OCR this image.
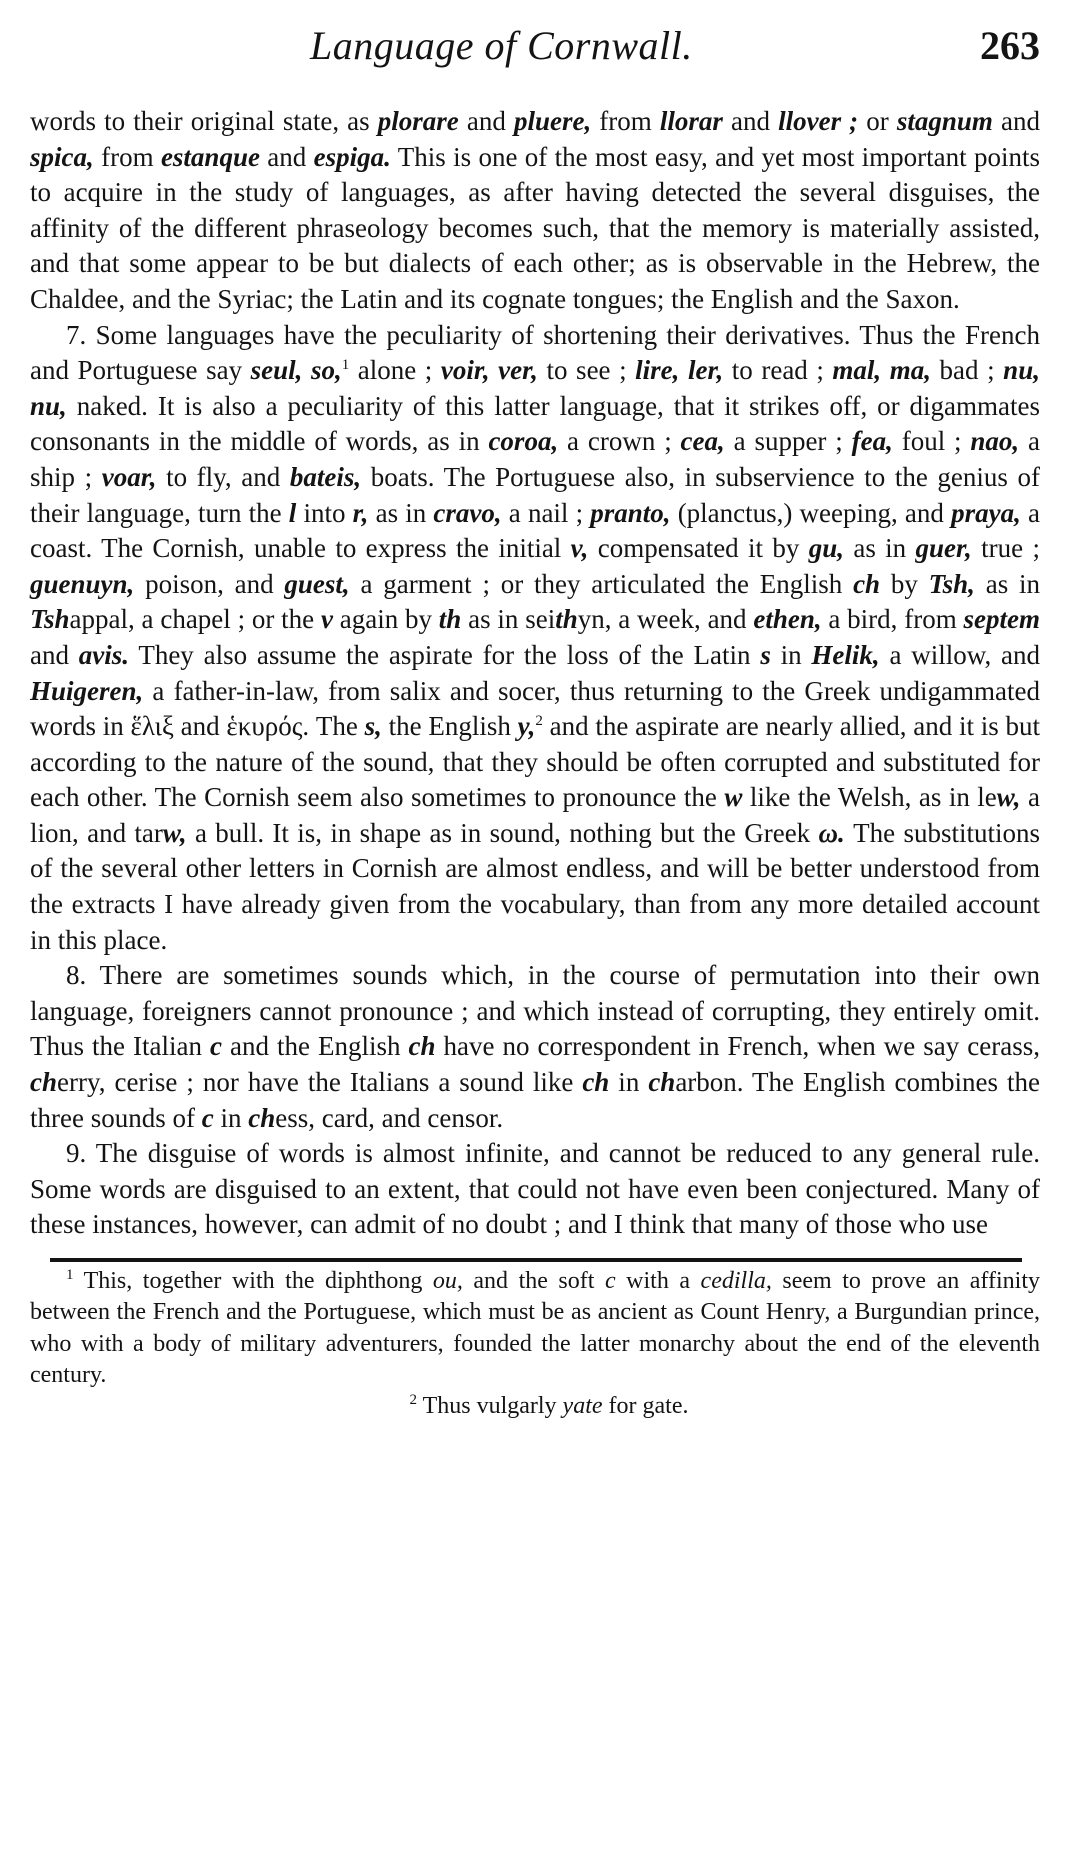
Language of Cornwall.	263

words to their original state, as plorare and pluere, from llorar and llover ; or stagnum and spica, from estanque and espiga. This is one of the most easy, and yet most important points to acquire in the study of languages, as after having detected the several disguises, the affinity of the different phraseology becomes such, that the memory is materially assisted, and that some appear to be but dialects of each other; as is observable in the Hebrew, the Chaldee, and the Syriac; the Latin and its cognate tongues; the English and the Saxon.

7. Some languages have the peculiarity of shortening their derivatives. Thus the French and Portuguese say seul, so,$^1$ alone ; voir, ver, to see ; lire, ler, to read ; mal, ma, bad ; nu, nu, naked. It is also a peculiarity of this latter language, that it strikes off, or digammates consonants in the middle of words, as in coroa, a crown ; cea, a supper ; fea, foul ; nao, a ship ; voar, to fly, and bateis, boats. The Portuguese also, in subservience to the genius of their language, turn the l into r, as in cravo, a nail ; pranto, (planctus,) weeping, and praya, a coast. The Cornish, unable to express the initial v, compensated it by gu, as in guer, true ; guenuyn, poison, and guest, a garment ; or they articulated the English ch by Tsh, as in Tshappal, a chapel ; or the v again by th as in seithyn, a week, and ethen, a bird, from septem and avis. They also assume the aspirate for the loss of the Latin s in Helik, a willow, and Huigeren, a father-in-law, from salix and socer, thus returning to the Greek undigammated words in ἕλιξ and ἑκυρός. The s, the English y,$^2$ and the aspirate are nearly allied, and it is but according to the nature of the sound, that they should be often corrupted and substituted for each other. The Cornish seem also sometimes to pronounce the w like the Welsh, as in lew, a lion, and tarw, a bull. It is, in shape as in sound, nothing but the Greek ω. The substitutions of the several other letters in Cornish are almost endless, and will be better understood from the extracts I have already given from the vocabulary, than from any more detailed account in this place.

8. There are sometimes sounds which, in the course of permutation into their own language, foreigners cannot pronounce ; and which instead of corrupting, they entirely omit. Thus the Italian c and the English ch have no correspondent in French, when we say cerass, cherry, cerise ; nor have the Italians a sound like ch in charbon. The English combines the three sounds of c in chess, card, and censor.

9. The disguise of words is almost infinite, and cannot be reduced to any general rule. Some words are disguised to an extent, that could not have even been conjectured. Many of these instances, however, can admit of no doubt ; and I think that many of those who use

$^1$ This, together with the diphthong ou, and the soft c with a cedilla, seem to prove an affinity between the French and the Portuguese, which must be as ancient as Count Henry, a Burgundian prince, who with a body of military adventurers, founded the latter monarchy about the end of the eleventh century.

$^2$ Thus vulgarly yate for gate.
